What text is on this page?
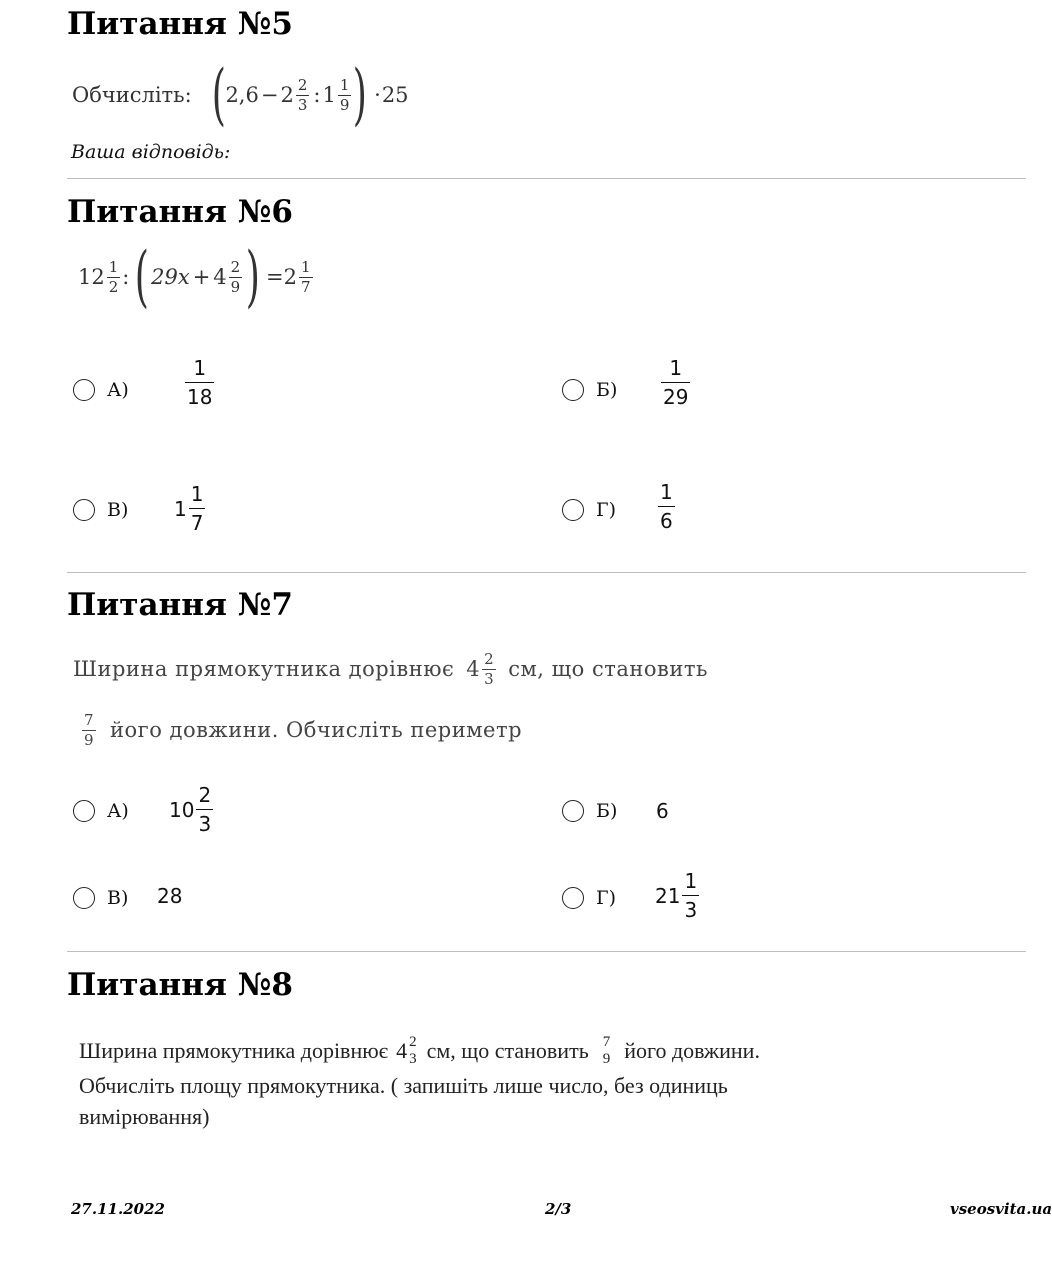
Питання №5
Обчисліть: ( $2,6 - 2 \frac{2}{3}$ : $1 \frac{1}{9}$ ) · 25
Ваша відповідь:
Питання №6
$12 \frac{1}{2}$ : ( $29x + 4 \frac{2}{9}$ ) = $2 \frac{1}{7}$
А)	$\frac{1}{18}$	$Б) \frac{1}{29}$
В) $1 \frac{1}{7}$	$Г) \frac{1}{6}$
Питання №7
Ширина прямокутника дорівнює $4 \frac{2}{3}$ см, що становить
$\frac{7}{9}$ його довжини. Обчисліть периметр
А) $10 \frac{2}{3}$	Б) 6
В) 28	Г) $21 \frac{1}{3}$
Питання №8
Ширина прямокутника дорівнює 4 2
3 см, що становить 7
9 його довжини.
Обчисліть площу прямокутника. ( запишіть лише число, без одиниць
вимірювання)
27.11.2022	2/3	vseosvita.ua
